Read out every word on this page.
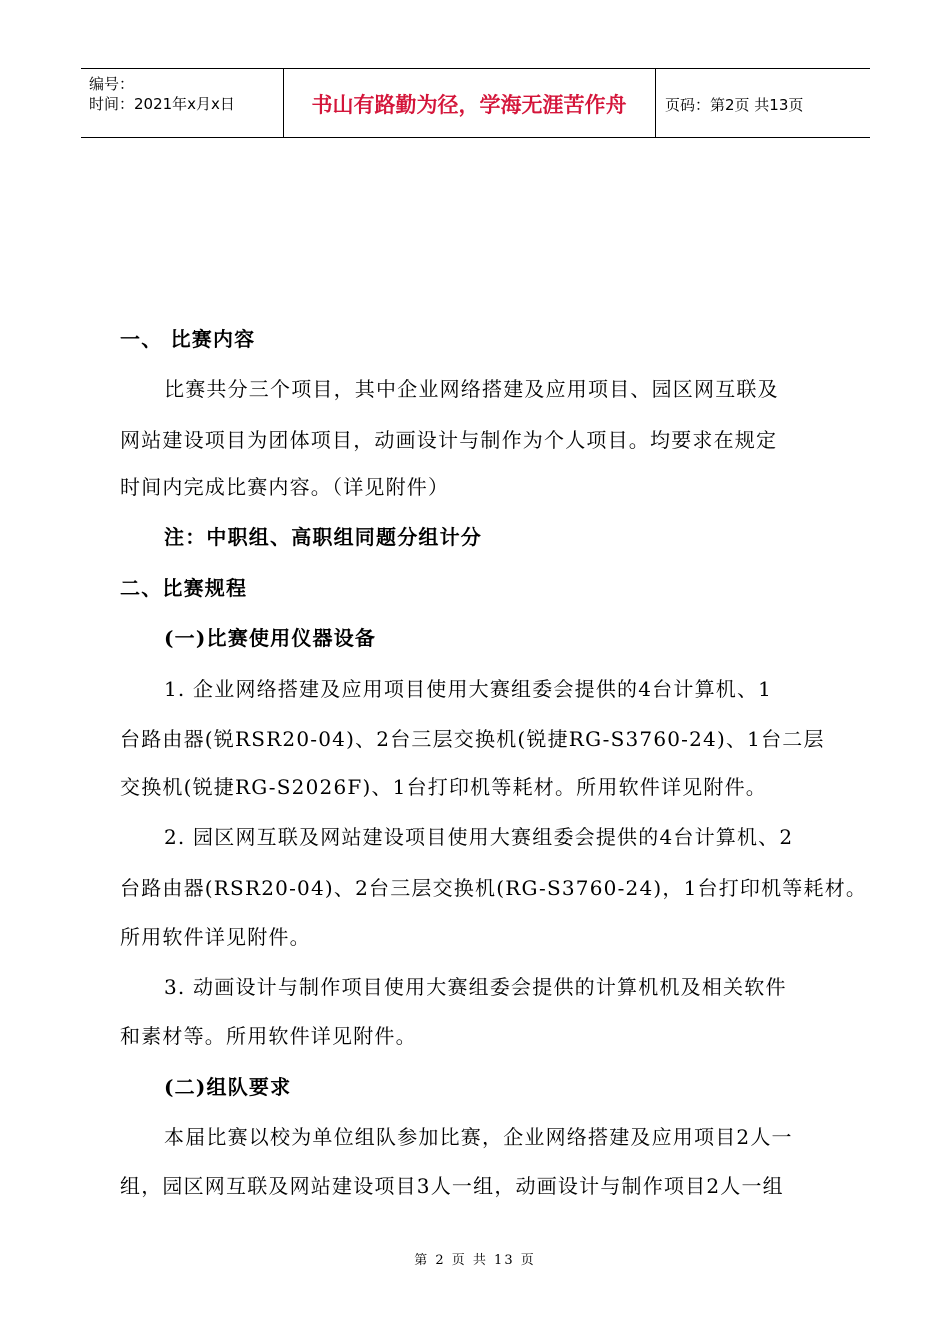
编号：
时间：2021年x月x日	书山有路勤为径，学海无涯苦作舟	页码：第2页 共13页
一、 比赛内容
比赛共分三个项目，其中企业网络搭建及应用项目、园区网互联及
网站建设项目为团体项目，动画设计与制作为个人项目。均要求在规定
时间内完成比赛内容。（详见附件）
注：中职组、高职组同题分组计分
二、比赛规程
(一)比赛使用仪器设备
1. 企业网络搭建及应用项目使用大赛组委会提供的4台计算机、1
台路由器(锐RSR20-04)、2台三层交换机(锐捷RG-S3760-24)、1台二层
交换机(锐捷RG-S2026F)、1台打印机等耗材。所用软件详见附件。
2. 园区网互联及网站建设项目使用大赛组委会提供的4台计算机、2
台路由器(RSR20-04)、2台三层交换机(RG-S3760-24)，1台打印机等耗材。
所用软件详见附件。
3. 动画设计与制作项目使用大赛组委会提供的计算机机及相关软件
和素材等。所用软件详见附件。
(二)组队要求
本届比赛以校为单位组队参加比赛，企业网络搭建及应用项目2人一
组，园区网互联及网站建设项目3人一组，动画设计与制作项目2人一组
第 2 页 共 13 页
